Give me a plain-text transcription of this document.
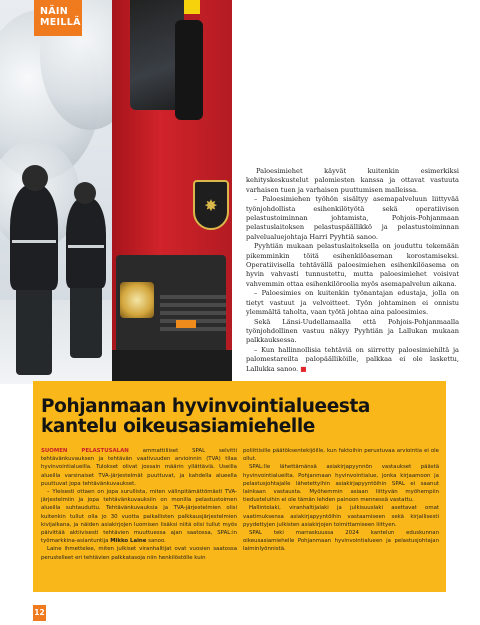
✸
NÄIN
MEILLÄ

Paloesimiehet käyvät kuitenkin esimerkiksi kehityskeskustelut palomiesten kanssa ja ottavat vastuuta varhaisen tuen ja varhaisen puuttumisen malleissa.

– Paloesimiehen työhön sisältyy asemapalveluun liittyvää työnjohdollista esihenkilötyötä sekä operatiivisen pelastustoiminnan johtamista, Pohjois-Pohjanmaan pelastuslaitoksen pelastuspäällikkö ja pelastustoiminnan palvelualuejohtaja Harri Pyyhtiä sanoo.

Pyyhtiän mukaan pelastuslaitoksella on jouduttu tekemään pikemminkin töitä esihenkilöaseman korostamiseksi. Operatiivisella tehtävällä paloesimiehen esihenkilöasema on hyvin vahvasti tunnustettu, mutta paloesimiehet voisivat vahvemmin ottaa esihenkilöroolia myös asemapalvelun aikana.

– Paloesimies on kuitenkin työnantajan edustaja, jolla on tietyt vastuut ja velvoitteet. Työn johtaminen ei onnistu ylemmältä taholta, vaan työtä johtaa aina paloesimies.

Sekä Länsi-Uudellamaalla että Pohjois-Pohjanmaalla työnjohdollinen vastuu näkyy Pyyhtiän ja Lallukan mukaan palkkauksessa.

– Kun hallinnollisia tehtäviä on siirretty paloesimiehiltä ja palomestareilta palopäälliköille, palkkaa ei ole laskettu, Lallukka sanoo. ■

Pohjanmaan hyvinvointialueesta kantelu oikeusasiamiehelle

SUOMEN PELASTUSALAN ammattiliiset SPAL selvitti tehtävänkuvauksen ja tehtävän vaativuuden arvioinnin (TVA) tilaa hyvinvointialueilla. Tulokset olivat jossain määrin yllättäviä. Useilla alueilla varsinaiset TVA-järjestelmät puuttuvat, ja kahdella alueella puuttuvat jopa tehtävänkuvaukset.

– Yleisesti ottaen on jopa surullista, miten välinpitämättömästi TVA-järjestelmiin ja jopa tehtävänkuvauksiin on monilla pelastustoimen alueilla suhtauduttu. Tehtävänkuvauksia ja TVA-järjestelmien olisi kuitenkin tullut olla jo 30 vuotta paikallisten palkkausjärjestelmien kivijalkana, ja näiden asiakirjojen luomisen lisäksi niitä olisi tullut myös päivittää aktiivisesti tehtävien muuttuessa ajan saatossa, SPAL:in työmarkkina-asiantuntija Mikko Laine sanoo.

Laine ihmettelee, miten julkiset viranhaltijat ovat vuosien saatossa perustelleet eri tehtävien palkkatasoja niin henkilöstölle kuin

poliittisille päätöksentekijöille, kun faktoihin perustuvaa arviointia ei ole ollut.

SPAL:lle lähettämänsä asiakirjapyynnön vastaukset päästä hyvinvointialueilta. Pohjanmaan hyvinvointialue, jonka kirjaamoon ja pelastusjohtajalle lähetettyihin asiakirjapyyntöihin SPAL ei saanut lainkaan vastausta. Myöhemmin asiaan liittyvän myöhempiin tiedusteluihin ei ole tämän lehden painoon mennessä vastattu.

Hallintolaki, viranhaltijalaki ja julkisuuslaki asettavat omat vaatimuksensa asiakirjapyyntöihin vastaamiseen sekä kirjallisesti pyydettyjen julkisten asiakirjojen toimittamiseen liittyen.

SPAL teki marraskuussa 2024 kantelun eduskunnan oikeusasiamiehelle Pohjanmaan hyvinvointialueen ja pelastusjohtajan laiminlyönnistä.

12
